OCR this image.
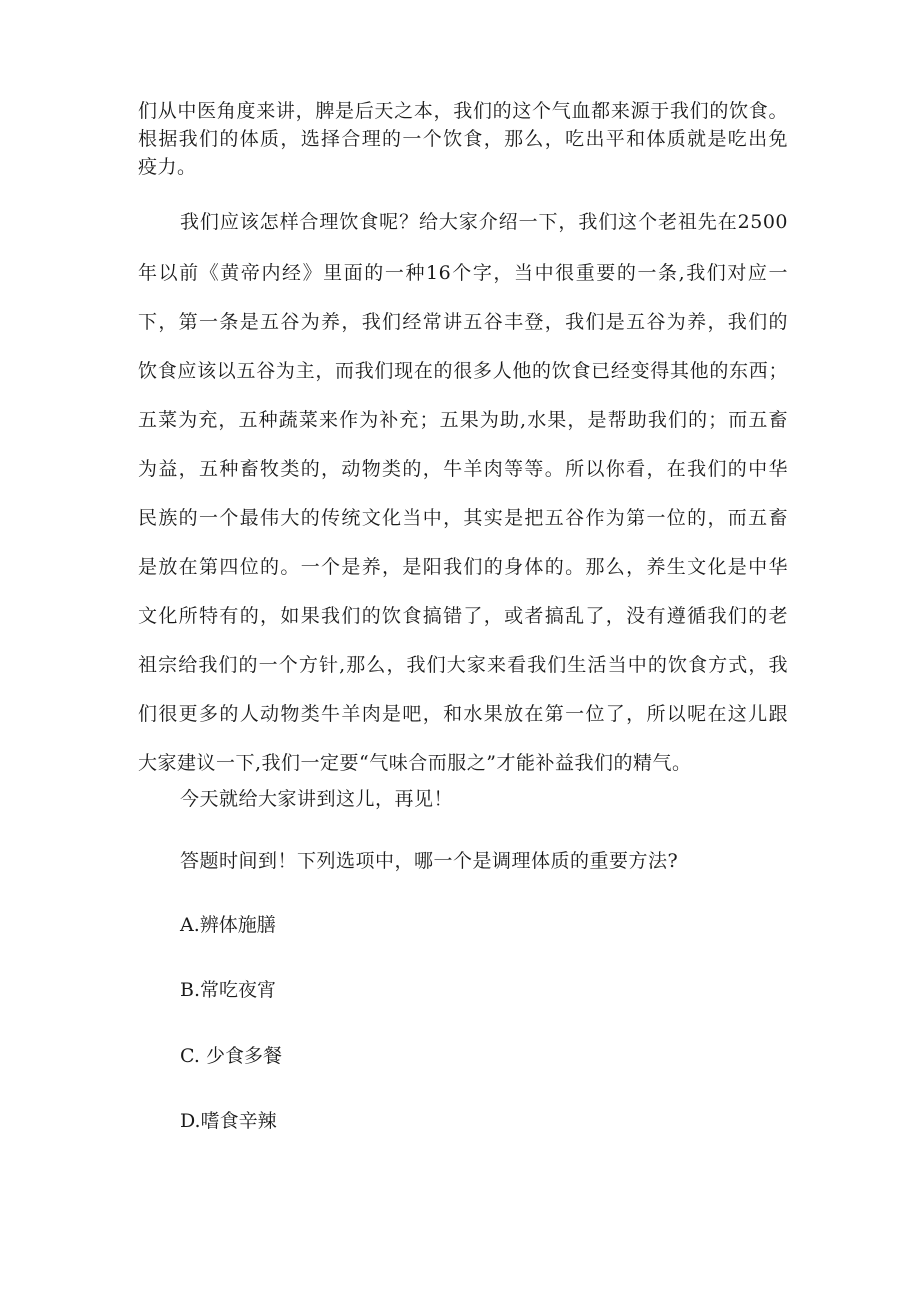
们从中医角度来讲，脾是后天之本，我们的这个气血都来源于我们的饮食。

根据我们的体质，选择合理的一个饮食，那么，吃出平和体质就是吃出免

疫力。

我们应该怎样合理饮食呢？给大家介绍一下，我们这个老祖先在2500

年以前《黄帝内经》里面的一种16个字，当中很重要的一条,我们对应一

下，第一条是五谷为养，我们经常讲五谷丰登，我们是五谷为养，我们的

饮食应该以五谷为主，而我们现在的很多人他的饮食已经变得其他的东西；

五菜为充，五种蔬菜来作为补充；五果为助,水果，是帮助我们的；而五畜

为益，五种畜牧类的，动物类的，牛羊肉等等。所以你看，在我们的中华

民族的一个最伟大的传统文化当中，其实是把五谷作为第一位的，而五畜

是放在第四位的。一个是养，是阳我们的身体的。那么，养生文化是中华

文化所特有的，如果我们的饮食搞错了，或者搞乱了，没有遵循我们的老

祖宗给我们的一个方针,那么，我们大家来看我们生活当中的饮食方式，我

们很更多的人动物类牛羊肉是吧，和水果放在第一位了，所以呢在这儿跟

大家建议一下,我们一定要“气味合而服之”才能补益我们的精气。

今天就给大家讲到这儿，再见！

答题时间到！下列选项中，哪一个是调理体质的重要方法?

A.辨体施膳

B.常吃夜宵

C. 少食多餐

D.嗜食辛辣
